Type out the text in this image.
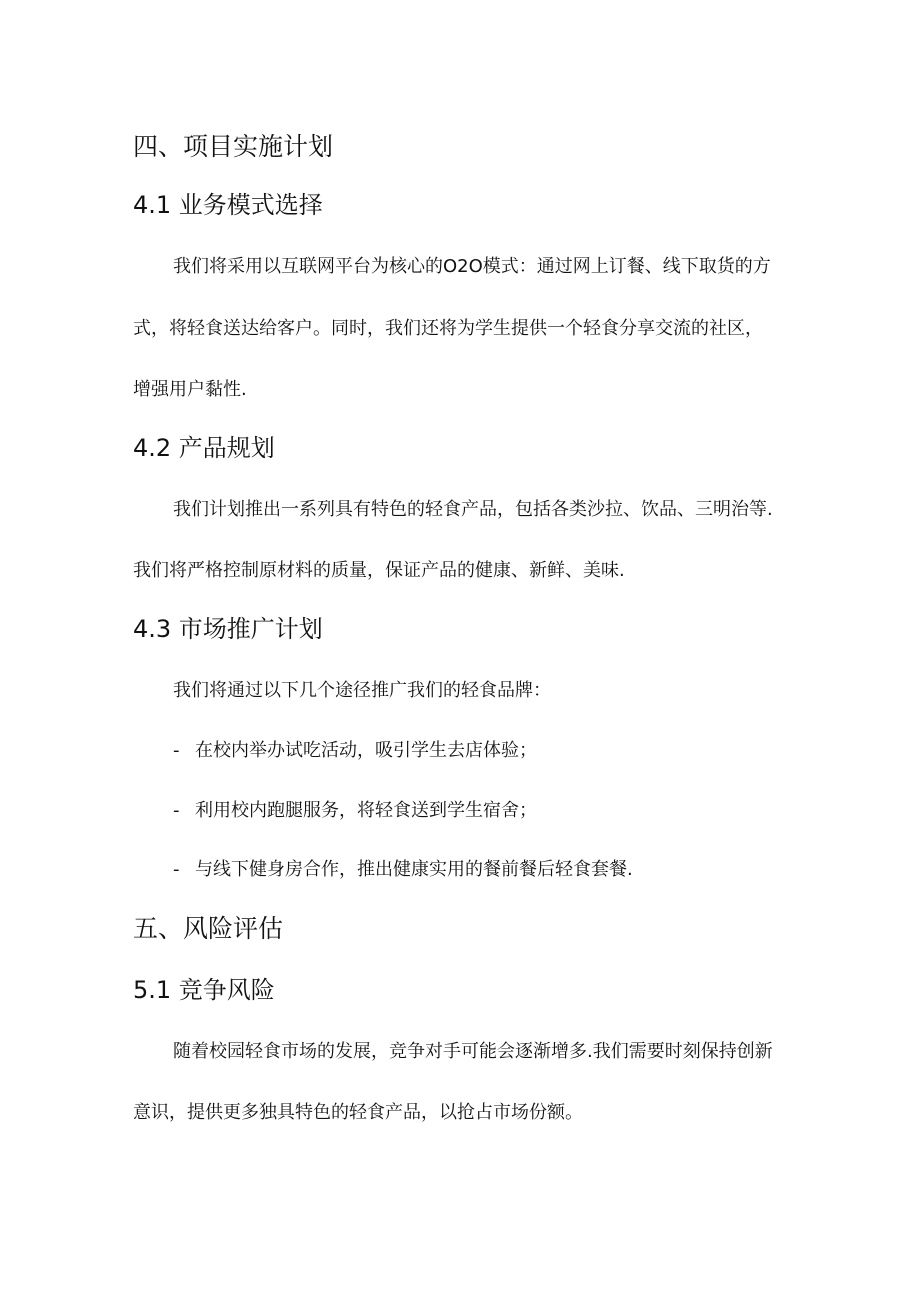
四、项目实施计划
4.1 业务模式选择
我们将采用以互联网平台为核心的O2O模式：通过网上订餐、线下取货的方
式，将轻食送达给客户。同时，我们还将为学生提供一个轻食分享交流的社区，
增强用户黏性.
4.2 产品规划
我们计划推出一系列具有特色的轻食产品，包括各类沙拉、饮品、三明治等.
我们将严格控制原材料的质量，保证产品的健康、新鲜、美味.
4.3 市场推广计划
我们将通过以下几个途径推广我们的轻食品牌：
- 在校内举办试吃活动，吸引学生去店体验；
- 利用校内跑腿服务，将轻食送到学生宿舍；
- 与线下健身房合作，推出健康实用的餐前餐后轻食套餐.
五、风险评估
5.1 竞争风险
随着校园轻食市场的发展，竞争对手可能会逐渐增多.我们需要时刻保持创新
意识，提供更多独具特色的轻食产品，以抢占市场份额。
